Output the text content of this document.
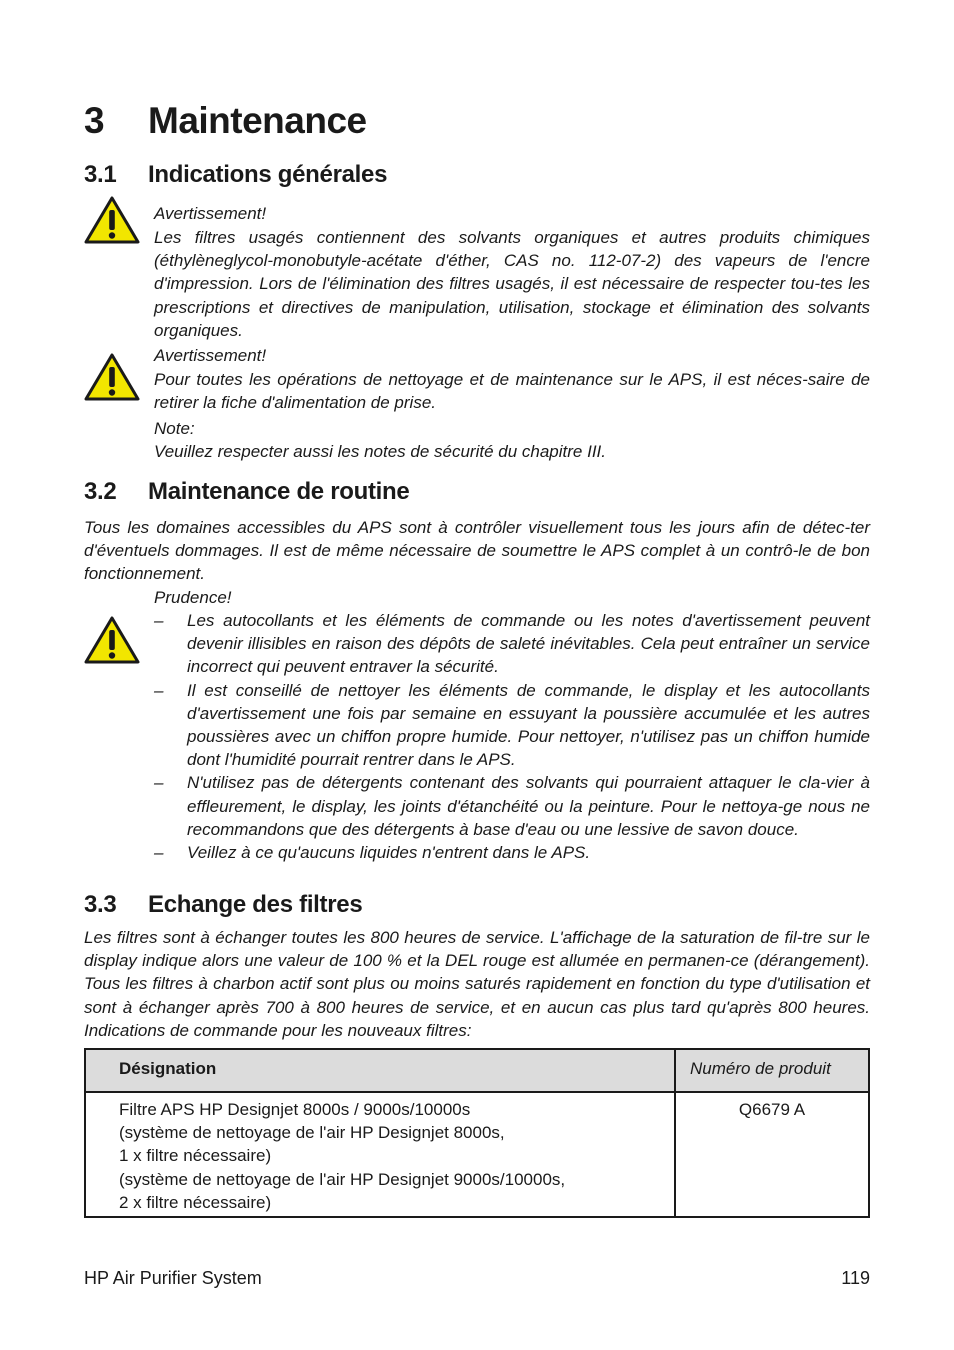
3 Maintenance
3.1 Indications générales
Avertissement!
Les filtres usagés contiennent des solvants organiques et autres produits chimiques (éthylèneglycol-monobutyle-acétate d'éther, CAS no. 112-07-2) des vapeurs de l'encre d'impression. Lors de l'élimination des filtres usagés, il est nécessaire de respecter tou-tes les prescriptions et directives de manipulation, utilisation, stockage et élimination des solvants organiques.
Avertissement!
Pour toutes les opérations de nettoyage et de maintenance sur le APS, il est néces-saire de retirer la fiche d'alimentation de prise.
Note:
Veuillez respecter aussi les notes de sécurité du chapitre III.
3.2 Maintenance de routine
Tous les domaines accessibles du APS sont à contrôler visuellement tous les jours afin de détec-ter d'éventuels dommages. Il est de même nécessaire de soumettre le APS complet à un contrô-le de bon fonctionnement.
Prudence!
– Les autocollants et les éléments de commande ou les notes d'avertissement peuvent devenir illisibles en raison des dépôts de saleté inévitables. Cela peut entraîner un service incorrect qui peuvent entraver la sécurité.
– Il est conseillé de nettoyer les éléments de commande, le display et les autocollants d'avertissement une fois par semaine en essuyant la poussière accumulée et les autres poussières avec un chiffon propre humide. Pour nettoyer, n'utilisez pas un chiffon humide dont l'humidité pourrait rentrer dans le APS.
– N'utilisez pas de détergents contenant des solvants qui pourraient attaquer le cla-vier à effleurement, le display, les joints d'étanchéité ou la peinture. Pour le nettoya-ge nous ne recommandons que des détergents à base d'eau ou une lessive de savon douce.
– Veillez à ce qu'aucuns liquides n'entrent dans le APS.
3.3 Echange des filtres
Les filtres sont à échanger toutes les 800 heures de service. L'affichage de la saturation de fil-tre sur le display indique alors une valeur de 100 % et la DEL rouge est allumée en permanen-ce (dérangement). Tous les filtres à charbon actif sont plus ou moins saturés rapidement en fonction du type d'utilisation et sont à échanger après 700 à 800 heures de service, et en aucun cas plus tard qu'après 800 heures. Indications de commande pour les nouveaux filtres:
Désignation	Numéro de produit

Filtre APS HP Designjet 8000s / 9000s/10000s
(système de nettoyage de l'air HP Designjet 8000s,
1 x filtre nécessaire)
(système de nettoyage de l'air HP Designjet 9000s/10000s,
2 x filtre nécessaire)	Q6679 A
HP Air Purifier System	119
